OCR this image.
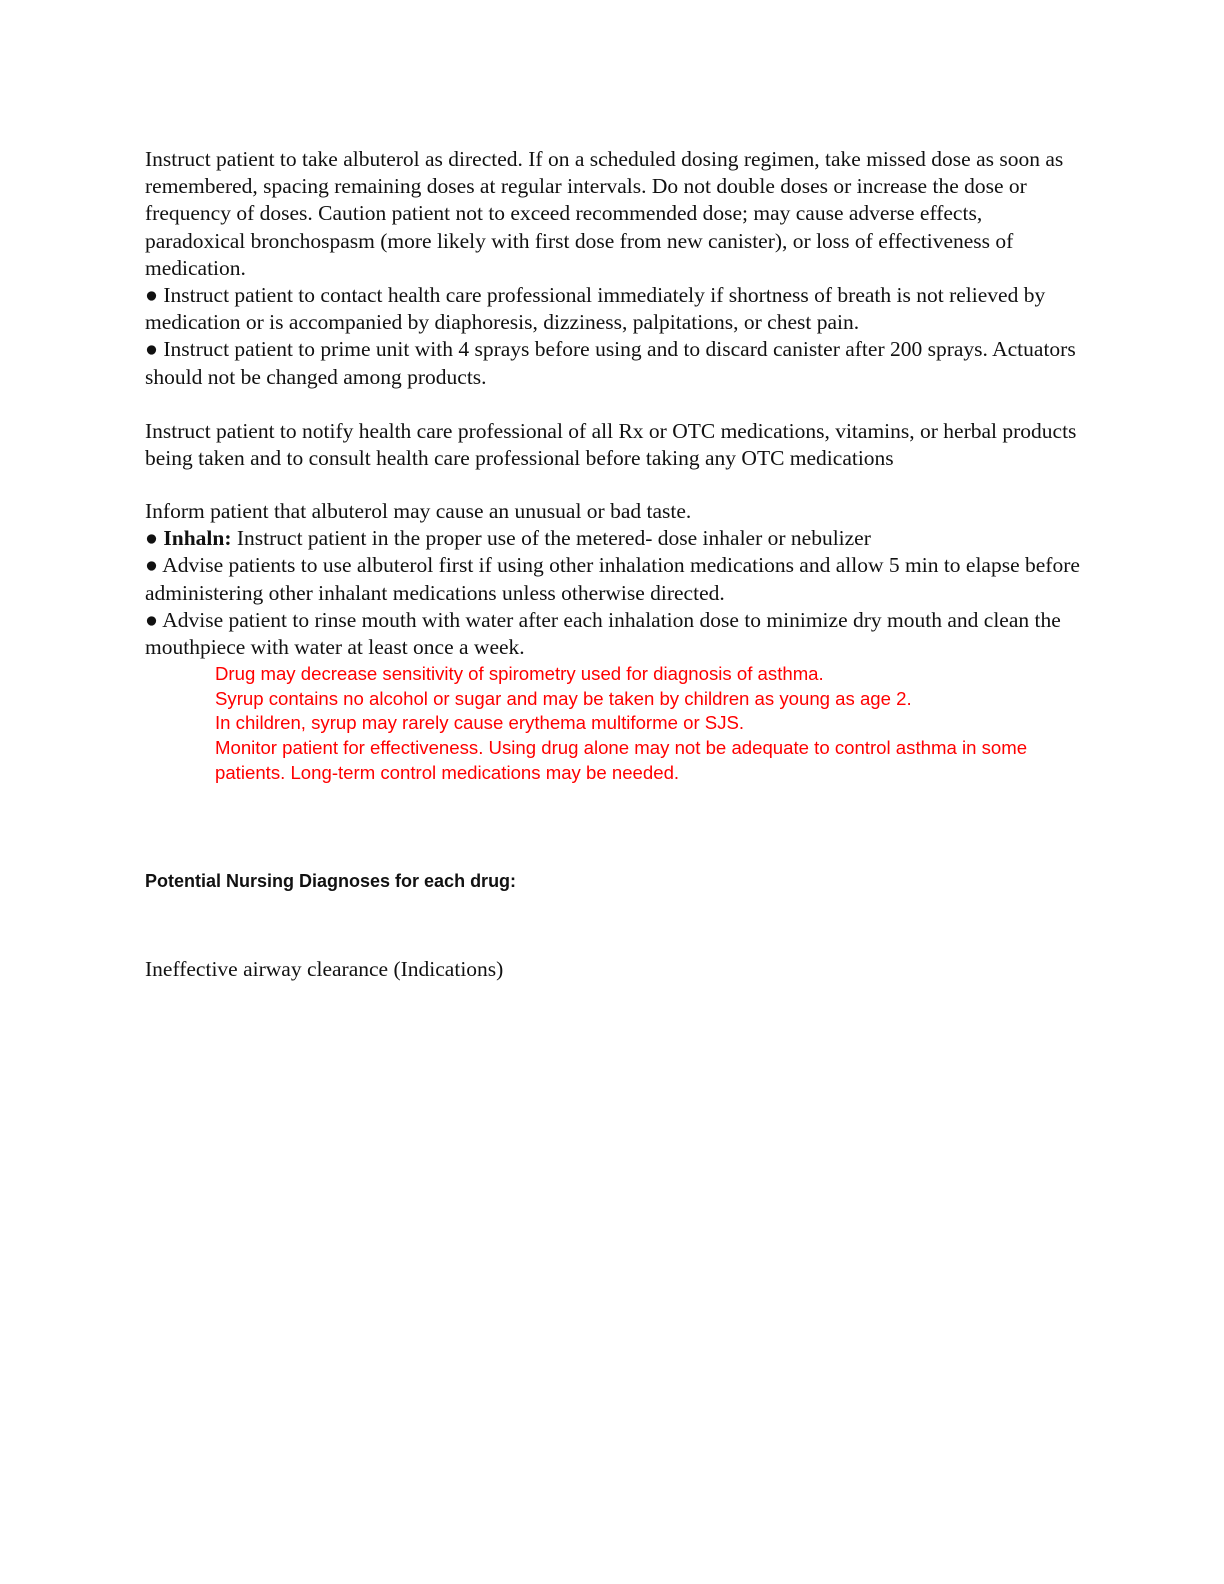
Instruct patient to take albuterol as directed. If on a scheduled dosing regimen, take missed dose as soon as remembered, spacing remaining doses at regular intervals. Do not double doses or increase the dose or frequency of doses. Caution patient not to exceed recommended dose; may cause adverse effects, paradoxical bronchospasm (more likely with first dose from new canister), or loss of effectiveness of medication.

● Instruct patient to contact health care professional immediately if shortness of breath is not relieved by medication or is accompanied by diaphoresis, dizziness, palpitations, or chest pain.

● Instruct patient to prime unit with 4 sprays before using and to discard canister after 200 sprays. Actuators should not be changed among products.

Instruct patient to notify health care professional of all Rx or OTC medications, vitamins, or herbal products being taken and to consult health care professional before taking any OTC medications

Inform patient that albuterol may cause an unusual or bad taste.

● Inhaln: Instruct patient in the proper use of the metered- dose inhaler or nebulizer

● Advise patients to use albuterol first if using other inhalation medications and allow 5 min to elapse before administering other inhalant medications unless otherwise directed.

● Advise patient to rinse mouth with water after each inhalation dose to minimize dry mouth and clean the mouthpiece with water at least once a week.

Drug may decrease sensitivity of spirometry used for diagnosis of asthma.

Syrup contains no alcohol or sugar and may be taken by children as young as age 2.

In children, syrup may rarely cause erythema multiforme or SJS.

Monitor patient for effectiveness. Using drug alone may not be adequate to control asthma in some patients. Long-term control medications may be needed.

Potential Nursing Diagnoses for each drug:

Ineffective airway clearance (Indications)
